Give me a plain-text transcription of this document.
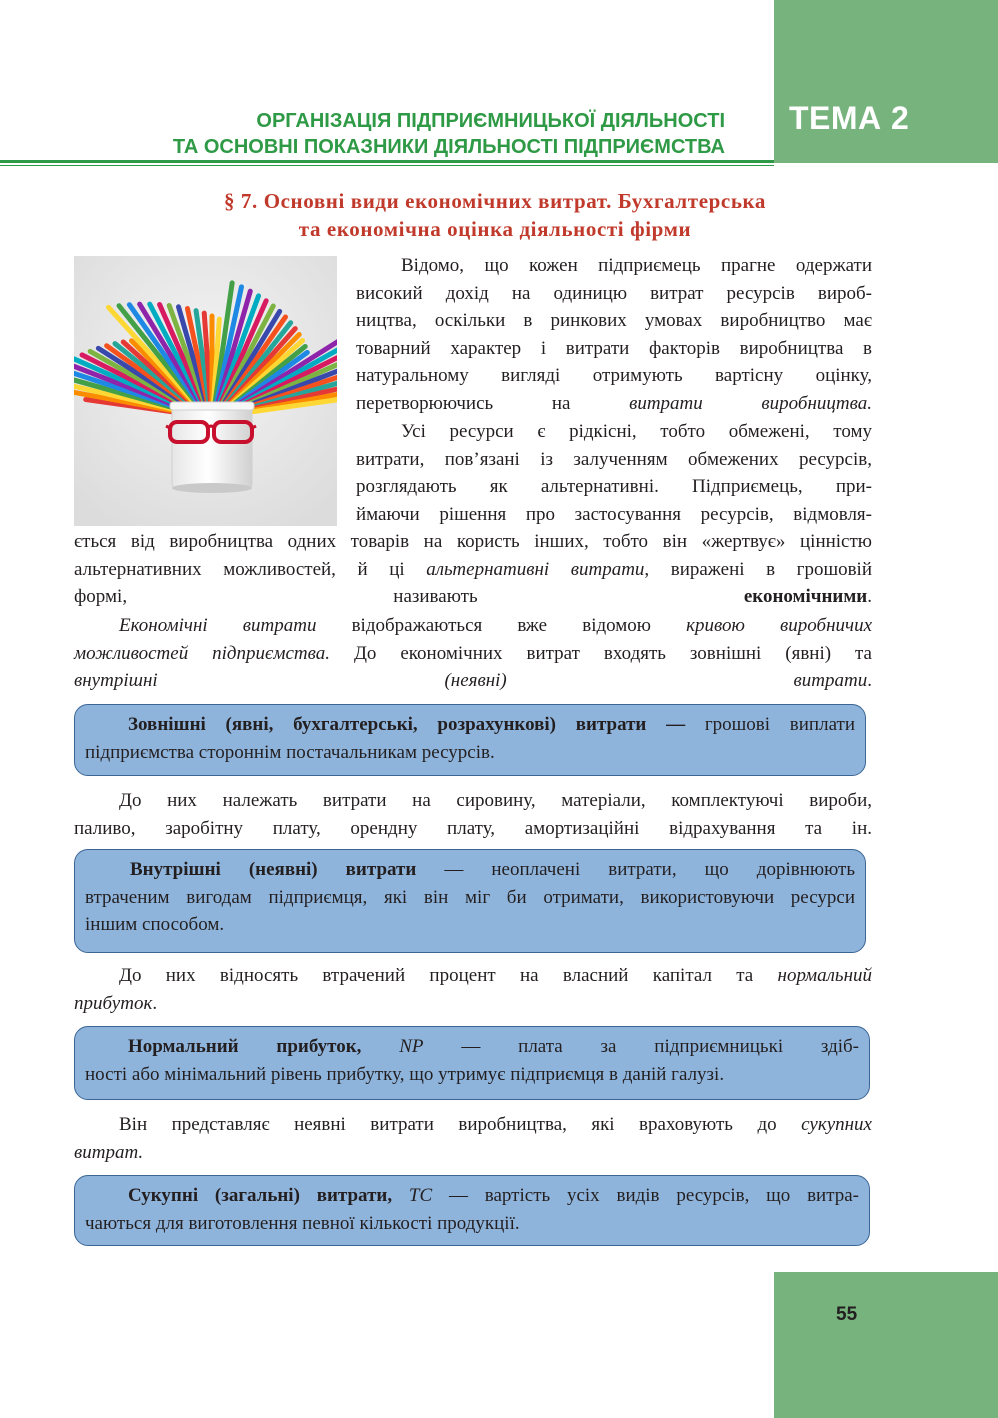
ТЕМА 2
ОРГАНІЗАЦІЯ ПІДПРИЄМНИЦЬКОЇ ДІЯЛЬНОСТІ
ТА ОСНОВНІ ПОКАЗНИКИ ДІЯЛЬНОСТІ ПІДПРИЄМСТВА
§ 7. Основні види економічних витрат. Бухгалтерська
та економічна оцінка діяльності фірми
Відомо, що кожен підприємець прагне одержати
високий дохід на одиницю витрат ресурсів вироб-
ництва, оскільки в ринкових умовах виробництво має
товарний характер і витрати факторів виробництва в
натуральному вигляді отримують вартісну оцінку,
перетворюючись на витрати виробництва.
Усі ресурси є рідкісні, тобто обмежені, тому
витрати, пов’язані із залученням обмежених ресурсів,
розглядають як альтернативні. Підприємець, при-
ймаючи рішення про застосування ресурсів, відмовля-
ється від виробництва одних товарів на користь інших, тобто він «жертвує» цінністю
альтернативних можливостей, й ці альтернативні витрати, виражені в грошовій
формі, називають економічними.
Економічні витрати відображаються вже відомою кривою виробничих
можливостей підприємства. До економічних витрат входять зовнішні (явні) та
внутрішні (неявні) витрати.
Зовнішні (явні, бухгалтерські, розрахункові) витрати — грошові виплати
підприємства стороннім постачальникам ресурсів.
До них належать витрати на сировину, матеріали, комплектуючі вироби,
паливо, заробітну плату, орендну плату, амортизаційні відрахування та ін.
Внутрішні (неявні) витрати — неоплачені витрати, що дорівнюють
втраченим вигодам підприємця, які він міг би отримати, використовуючи ресурси
іншим способом.
До них відносять втрачений процент на власний капітал та нормальний
прибуток.
Нормальний прибуток, NP — плата за підприємницькі здіб-
ності або мінімальний рівень прибутку, що утримує підприємця в даній галузі.
Він представляє неявні витрати виробництва, які враховують до сукупних
витрат.
Сукупні (загальні) витрати, TC — вартість усіх видів ресурсів, що витра-
чаються для виготовлення певної кількості продукції.
55
